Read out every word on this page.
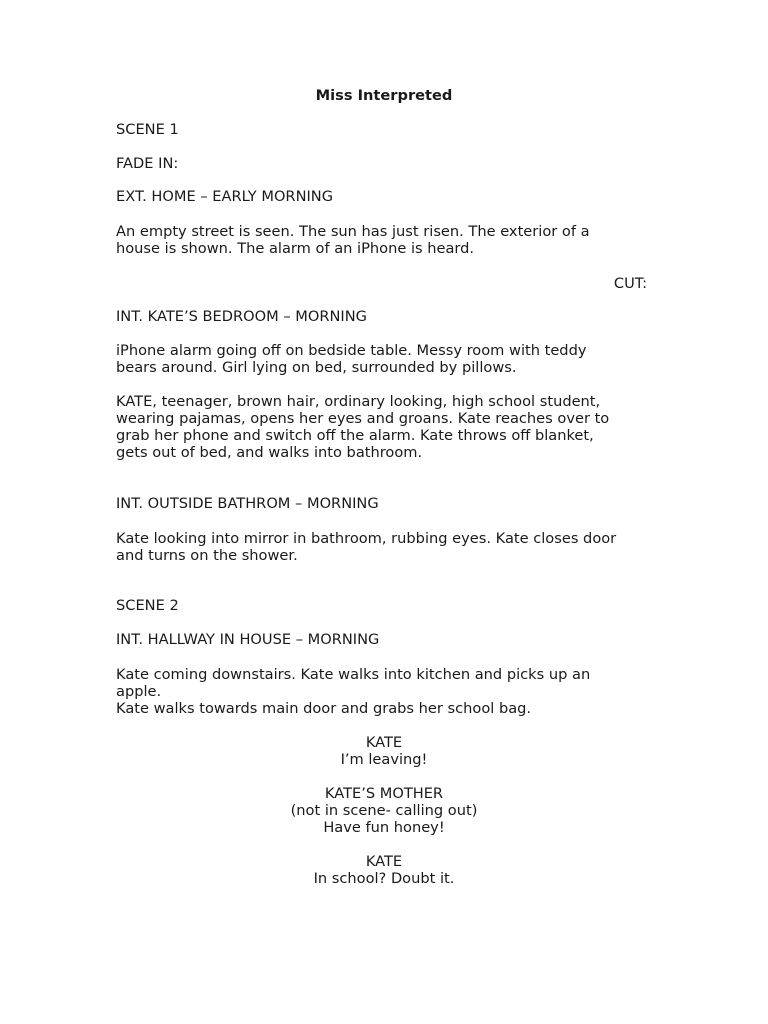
Miss Interpreted
SCENE 1
FADE IN:
EXT. HOME – EARLY MORNING
An empty street is seen. The sun has just risen. The exterior of a
house is shown. The alarm of an iPhone is heard.
CUT:
INT. KATE’S BEDROOM – MORNING
iPhone alarm going off on bedside table. Messy room with teddy
bears around. Girl lying on bed, surrounded by pillows.
KATE, teenager, brown hair, ordinary looking, high school student,
wearing pajamas, opens her eyes and groans. Kate reaches over to
grab her phone and switch off the alarm. Kate throws off blanket,
gets out of bed, and walks into bathroom.
INT. OUTSIDE BATHROM – MORNING
Kate looking into mirror in bathroom, rubbing eyes. Kate closes door
and turns on the shower.
SCENE 2
INT. HALLWAY IN HOUSE – MORNING
Kate coming downstairs. Kate walks into kitchen and picks up an
apple.
Kate walks towards main door and grabs her school bag.
KATE
I’m leaving!
KATE’S MOTHER
(not in scene- calling out)
Have fun honey!
KATE
In school? Doubt it.
